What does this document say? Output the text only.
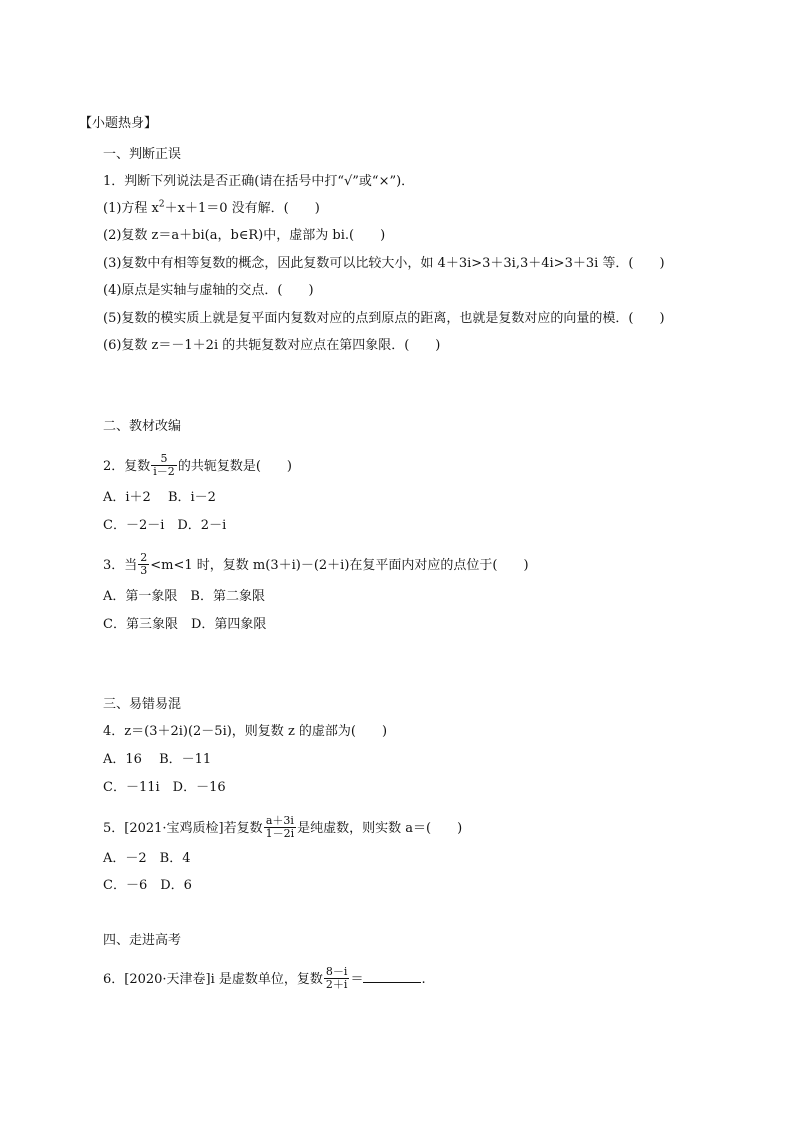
【小题热身】
一、判断正误
1．判断下列说法是否正确(请在括号中打“√”或“×”)．
(1)方程 $x^2+x+1=0$ 没有解．(　　)
(2)复数 z＝a＋bi(a，b∈R)中，虚部为 bi.(　　)
(3)复数中有相等复数的概念，因此复数可以比较大小，如 4＋3i>3＋3i,3＋4i>3＋3i 等．(　　)
(4)原点是实轴与虚轴的交点．(　　)
(5)复数的模实质上就是复平面内复数对应的点到原点的距离，也就是复数对应的向量的模．(　　)
(6)复数 z＝－1＋2i 的共轭复数对应点在第四象限．(　　)
二、教材改编
2．复数 $\frac{5}{i-2}$ 的共轭复数是(　　)
A．i＋2　 B．i－2
C．－2－i　D．2－i
3．当 $\frac{2}{3} <m<1$ 时，复数 m(3＋i)－(2＋i)在复平面内对应的点位于(　　)
A．第一象限　B．第二象限
C．第三象限　D．第四象限
三、易错易混
4．z＝(3＋2i)(2－5i)，则复数 z 的虚部为(　　)
A．16　 B．－11
C．－11i　D．－16
5．[2021·宝鸡质检]若复数 $\frac{a+3i}{1-2i}$ 是纯虚数，则实数 a＝(　　)
A．－2　B．4
C．－6　D．6
四、走进高考
6．[2020·天津卷]i 是虚数单位，复数 $\frac{8-i}{2+i}$ ＝	.
